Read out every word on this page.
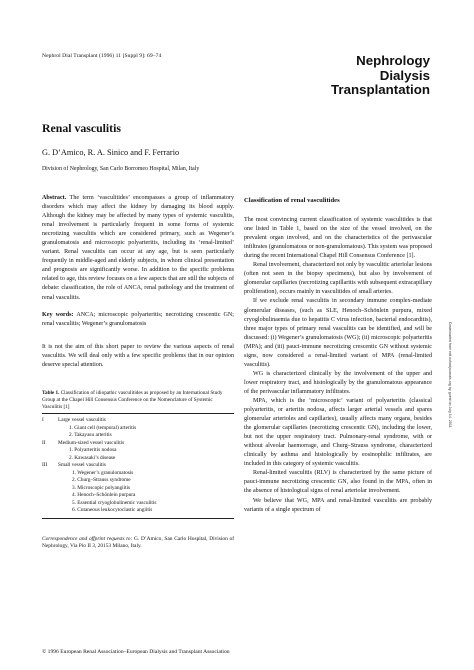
Nephrol Dial Transplant (1996) 11 [Suppl 9]: 69–74	Nephrology
Dialysis
Transplantation
Renal vasculitis
G. D’Amico, R. A. Sinico and F. Ferrario
Division of Nephrology, San Carlo Borromeo Hospital, Milan, Italy

Abstract. The term ‘vasculitides’ encompasses a group of inflammatory disorders which may affect the kidney by damaging its blood supply. Although the kidney may be affected by many types of systemic vasculitis, renal involvement is particularly frequent in some forms of systemic necrotizing vasculitis which are considered primary, such as Wegener’s granulomatosis and microscopic polyarteritis, including its ‘renal-limited’ variant. Renal vasculitis can occur at any age, but is seen particularly frequently in middle-aged and elderly subjects, in whom clinical presentation and prognosis are significantly worse. In addition to the specific problems related to age, this review focuses on a few aspects that are still the subjects of debate: classification, the role of ANCA, renal pathology and the treatment of renal vasculitis.

Key words: ANCA; microscopic polyarteritis; necrotizing crescentic GN; renal vasculitis; Wegener’s granulomatosis

It is not the aim of this short paper to review the various aspects of renal vasculitis. We will deal only with a few specific problems that in our opinion deserve special attention.

Table 1. Classification of idiopathic vasculitides as proposed by an International Study Group at the Chapel Hill Consensus Conference on the Nomenclature of Systemic Vasculitis [1]

I	Large vessel vasculitis
1. Giant cell (temporal) arteritis
2. Takayasu arteritis
II	Medium-sized vessel vasculitis
1. Polyarteritis nodosa
2. Kawasaki’s disease
III	Small vessel vasculitis
1. Wegener’s granulomatosis
2. Churg–Strauss syndrome
3. Microscopic polyangiitis
4. Henoch–Schönlein purpura
5. Essential cryoglobulinemic vasculitis
6. Cutaneous leukocytoclastic angiitis

Correspondence and offprint requests to: G. D’Amico, San Carlo Hospital, Division of Nephrology, Via Pio II 3, 20153 Milano, Italy.

Classification of renal vasculitides

The most convincing current classification of systemic vasculitides is that one listed in Table 1, based on the size of the vessel involved, on the prevalent organ involved, and on the characteristics of the perivascular infiltrates (granulomatous or non-granulomatous). This system was proposed during the recent International Chapel Hill Consensus Conference [1].

Renal involvement, characterized not only by vasculitic arteriolar lesions (often not seen in the biopsy specimens), but also by involvement of glomerular capillaries (necrotizing capillaritis with subsequent extracapillary proliferation), occurs mainly in vasculitides of small arteries.

If we exclude renal vasculitis in secondary immune complex-mediate glomerular diseases, (such as SLE, Henoch–Schönlein purpura, mixed cryoglobulinaemia due to hepatitis C virus infection, bacterial endocarditis), three major types of primary renal vasculitis can be identified, and will be discussed: (i) Wegener’s granulomatosis (WG); (ii) microscopic polyarteritis (MPA); and (iii) pauci-immune necrotizing crescentic GN without systemic signs, now considered a renal-limited variant of MPA (renal-limited vasculitis).

WG is characterized clinically by the involvement of the upper and lower respiratory tract, and histologically by the granulomatous appearance of the perivascular inflammatory infiltrates.

MPA, which is the ‘microscopic’ variant of polyarteritis (classical polyarteritis, or arteritis nodosa, affects larger arterial vessels and spares glomerular arterioles and capillaries), usually affects many organs, besides the glomerular capillaries (necrotizing crescentic GN), including the lower, but not the upper respiratory tract. Pulmonary-renal syndrome, with or without alveolar haemorrage, and Churg–Strauss syndrome, characterized clinically by asthma and histologically by eosinophilic infiltrates, are included in this category of systemic vasculitis.

Renal-limited vasculitis (RLV) is characterized by the same picture of pauci-immune necrotizing crescentic GN, also found in the MPA, often in the absence of histological signs of renal arteriolar involvement.

We believe that WG, MPA and renal-limited vasculitis are probably variants of a single spectrum of

© 1996 European Renal Association–European Dialysis and Transplant Association
Downloaded from ndt.oxfordjournals.org by guest on July 14, 2011
